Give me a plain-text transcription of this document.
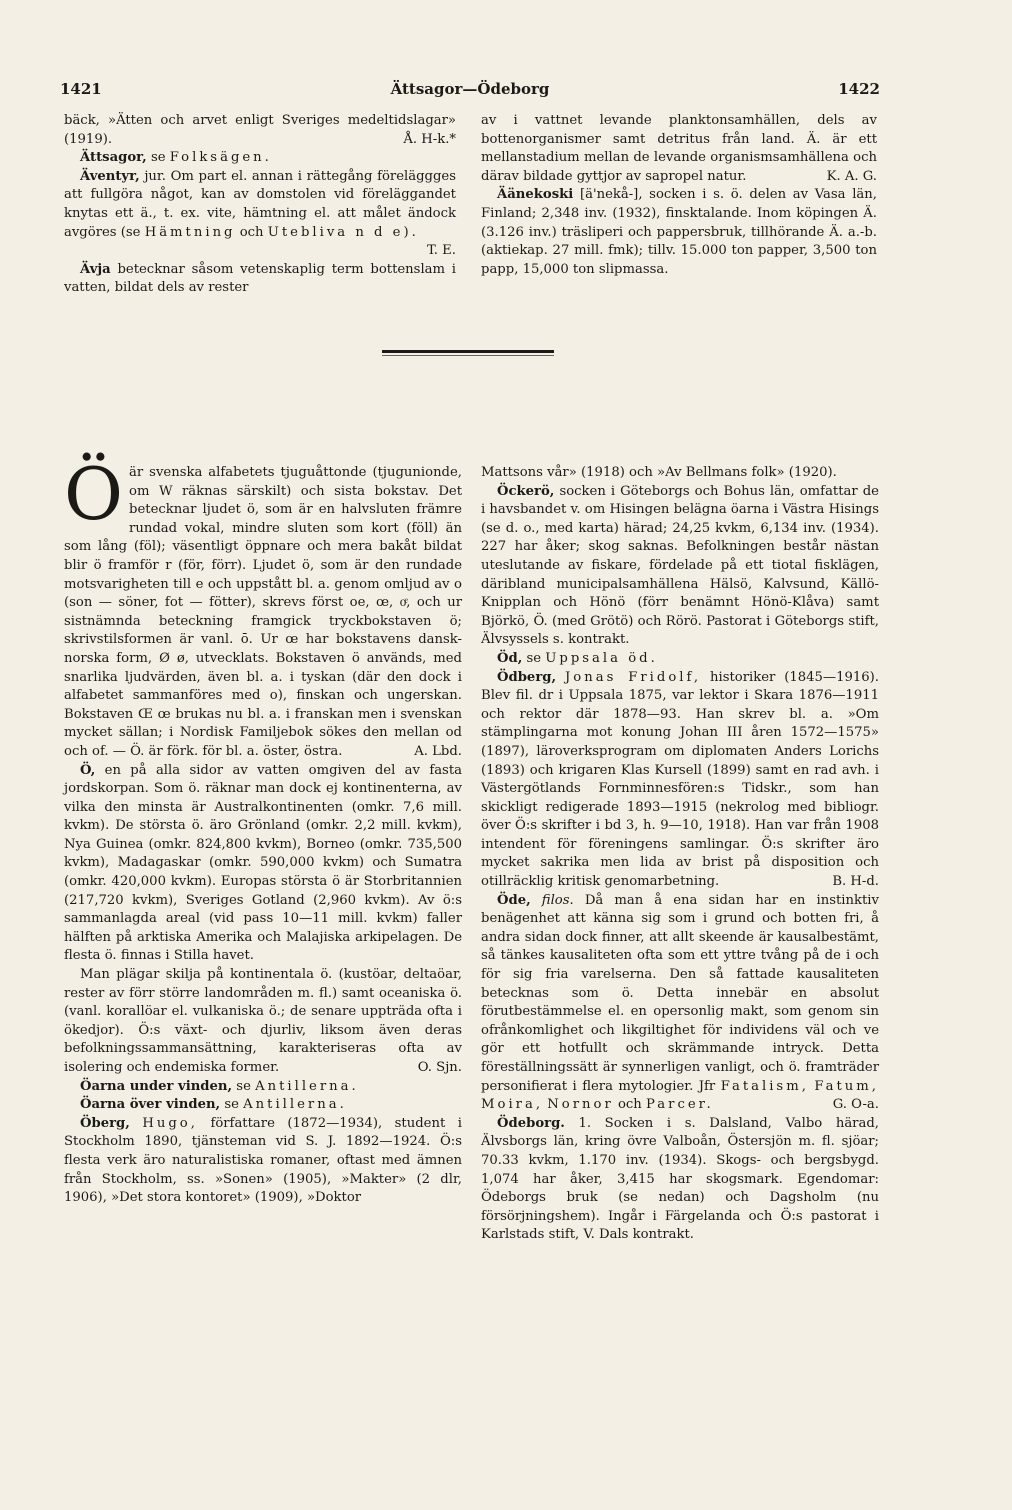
1421	Ättsagor—Ödeborg	1422

bäck, »Ätten och arvet enligt Sveriges medeltidslagar» (1919).	Å. H-k.*

Ättsagor, se Folksägen.

Äventyr, jur. Om part el. annan i rättegång föreläggges att fullgöra något, kan av domstolen vid föreläggandet knytas ett ä., t. ex. vite, hämtning el. att målet ändock avgöres (se Hämtning och Utebliva n d e).
T. E.

Ävja betecknar såsom vetenskaplig term bottenslam i vatten, bildat dels av rester

av i vattnet levande planktonsamhällen, dels av bottenorganismer samt detritus från land. Ä. är ett mellanstadium mellan de levande organismsamhällena och därav bildade gyttjor av sapropel natur.	K. A. G.

Äänekoski [ä'nekå-], socken i s. ö. delen av Vasa län, Finland; 2,348 inv. (1932), finsktalande. Inom köpingen Ä. (3.126 inv.) träsliperi och pappersbruk, tillhörande Ä. a.-b. (aktiekap. 27 mill. fmk); tillv. 15.000 ton papper, 3,500 ton papp, 15,000 ton slipmassa.

Ö är svenska alfabetets tjuguåttonde (tjugunionde, om W räknas särskilt) och sista bokstav. Det betecknar ljudet ö, som är en halvsluten främre rundad vokal, mindre sluten som kort (föll) än som lång (föl); väsentligt öppnare och mera bakåt bildat blir ö framför r (för, förr). Ljudet ö, som är den rundade motsvarigheten till e och uppstått bl. a. genom omljud av o (son — söner, fot — fötter), skrevs först oe, œ, oͤ, och ur sistnämnda beteckning framgick tryckbokstaven ö; skrivstilsformen är vanl. ō. Ur œ har bokstavens dansk-norska form, Ø ø, utvecklats. Bokstaven ö används, med snarlika ljudvärden, även bl. a. i tyskan (där den dock i alfabetet sammanföres med o), finskan och ungerskan. Bokstaven Œ œ brukas nu bl. a. i franskan men i svenskan mycket sällan; i Nordisk Familjebok sökes den mellan od och of. — Ö. är förk. för bl. a. öster, östra.	A. Lbd.

Ö, en på alla sidor av vatten omgiven del av fasta jordskorpan. Som ö. räknar man dock ej kontinenterna, av vilka den minsta är Australkontinenten (omkr. 7,6 mill. kvkm). De största ö. äro Grönland (omkr. 2,2 mill. kvkm), Nya Guinea (omkr. 824,800 kvkm), Borneo (omkr. 735,500 kvkm), Madagaskar (omkr. 590,000 kvkm) och Sumatra (omkr. 420,000 kvkm). Europas största ö är Storbritannien (217,720 kvkm), Sveriges Gotland (2,960 kvkm). Av ö:s sammanlagda areal (vid pass 10—11 mill. kvkm) faller hälften på arktiska Amerika och Malajiska arkipelagen. De flesta ö. finnas i Stilla havet.

Man plägar skilja på kontinentala ö. (kustöar, deltaöar, rester av förr större landområden m. fl.) samt oceaniska ö. (vanl. korallöar el. vulkaniska ö.; de senare uppträda ofta i ökedjor). Ö:s växt- och djurliv, liksom även deras befolkningssammansättning, karakteriseras ofta av isolering och endemiska former.	O. Sjn.

Öarna under vinden, se Antillerna.

Öarna över vinden, se Antillerna.

Öberg, Hugo, författare (1872—1934), student i Stockholm 1890, tjänsteman vid S. J. 1892—1924. Ö:s flesta verk äro naturalistiska romaner, oftast med ämnen från Stockholm, ss. »Sonen» (1905), »Makter» (2 dlr, 1906), »Det stora kontoret» (1909), »Doktor

Mattsons vår» (1918) och »Av Bellmans folk» (1920).

Öckerö, socken i Göteborgs och Bohus län, omfattar de i havsbandet v. om Hisingen belägna öarna i Västra Hisings (se d. o., med karta) härad; 24,25 kvkm, 6,134 inv. (1934). 227 har åker; skog saknas. Befolkningen består nästan uteslutande av fiskare, fördelade på ett tiotal fisklägen, däribland municipalsamhällena Hälsö, Kalvsund, Källö-Knipplan och Hönö (förr benämnt Hönö-Klåva) samt Björkö, Ö. (med Grötö) och Rörö. Pastorat i Göteborgs stift, Älvsyssels s. kontrakt.

Öd, se Uppsala öd.

Ödberg, Jonas Fridolf, historiker (1845—1916). Blev fil. dr i Uppsala 1875, var lektor i Skara 1876—1911 och rektor där 1878—93. Han skrev bl. a. »Om stämplingarna mot konung Johan III åren 1572—1575» (1897), läroverksprogram om diplomaten Anders Lorichs (1893) och krigaren Klas Kursell (1899) samt en rad avh. i Västergötlands Fornminnesfören:s Tidskr., som han skickligt redigerade 1893—1915 (nekrolog med bibliogr. över Ö:s skrifter i bd 3, h. 9—10, 1918). Han var från 1908 intendent för föreningens samlingar. Ö:s skrifter äro mycket sakrika men lida av brist på disposition och otillräcklig kritisk genomarbetning.	B. H-d.

Öde, filos. Då man å ena sidan har en instinktiv benägenhet att känna sig som i grund och botten fri, å andra sidan dock finner, att allt skeende är kausalbestämt, så tänkes kausaliteten ofta som ett yttre tvång på de i och för sig fria varelserna. Den så fattade kausaliteten betecknas som ö. Detta innebär en absolut förutbestämmelse el. en opersonlig makt, som genom sin ofrånkomlighet och likgiltighet för individens väl och ve gör ett hotfullt och skrämmande intryck. Detta föreställningssätt är synnerligen vanligt, och ö. framträder personifierat i flera mytologier. Jfr Fatalism, Fatum, Moira, Nornor och Parcer.	G. O-a.

Ödeborg. 1. Socken i s. Dalsland, Valbo härad, Älvsborgs län, kring övre Valboån, Östersjön m. fl. sjöar; 70.33 kvkm, 1.170 inv. (1934). Skogs- och bergsbygd. 1,074 har åker, 3,415 har skogsmark. Egendomar: Ödeborgs bruk (se nedan) och Dagsholm (nu försörjningshem). Ingår i Färgelanda och Ö:s pastorat i Karlstads stift, V. Dals kontrakt.
